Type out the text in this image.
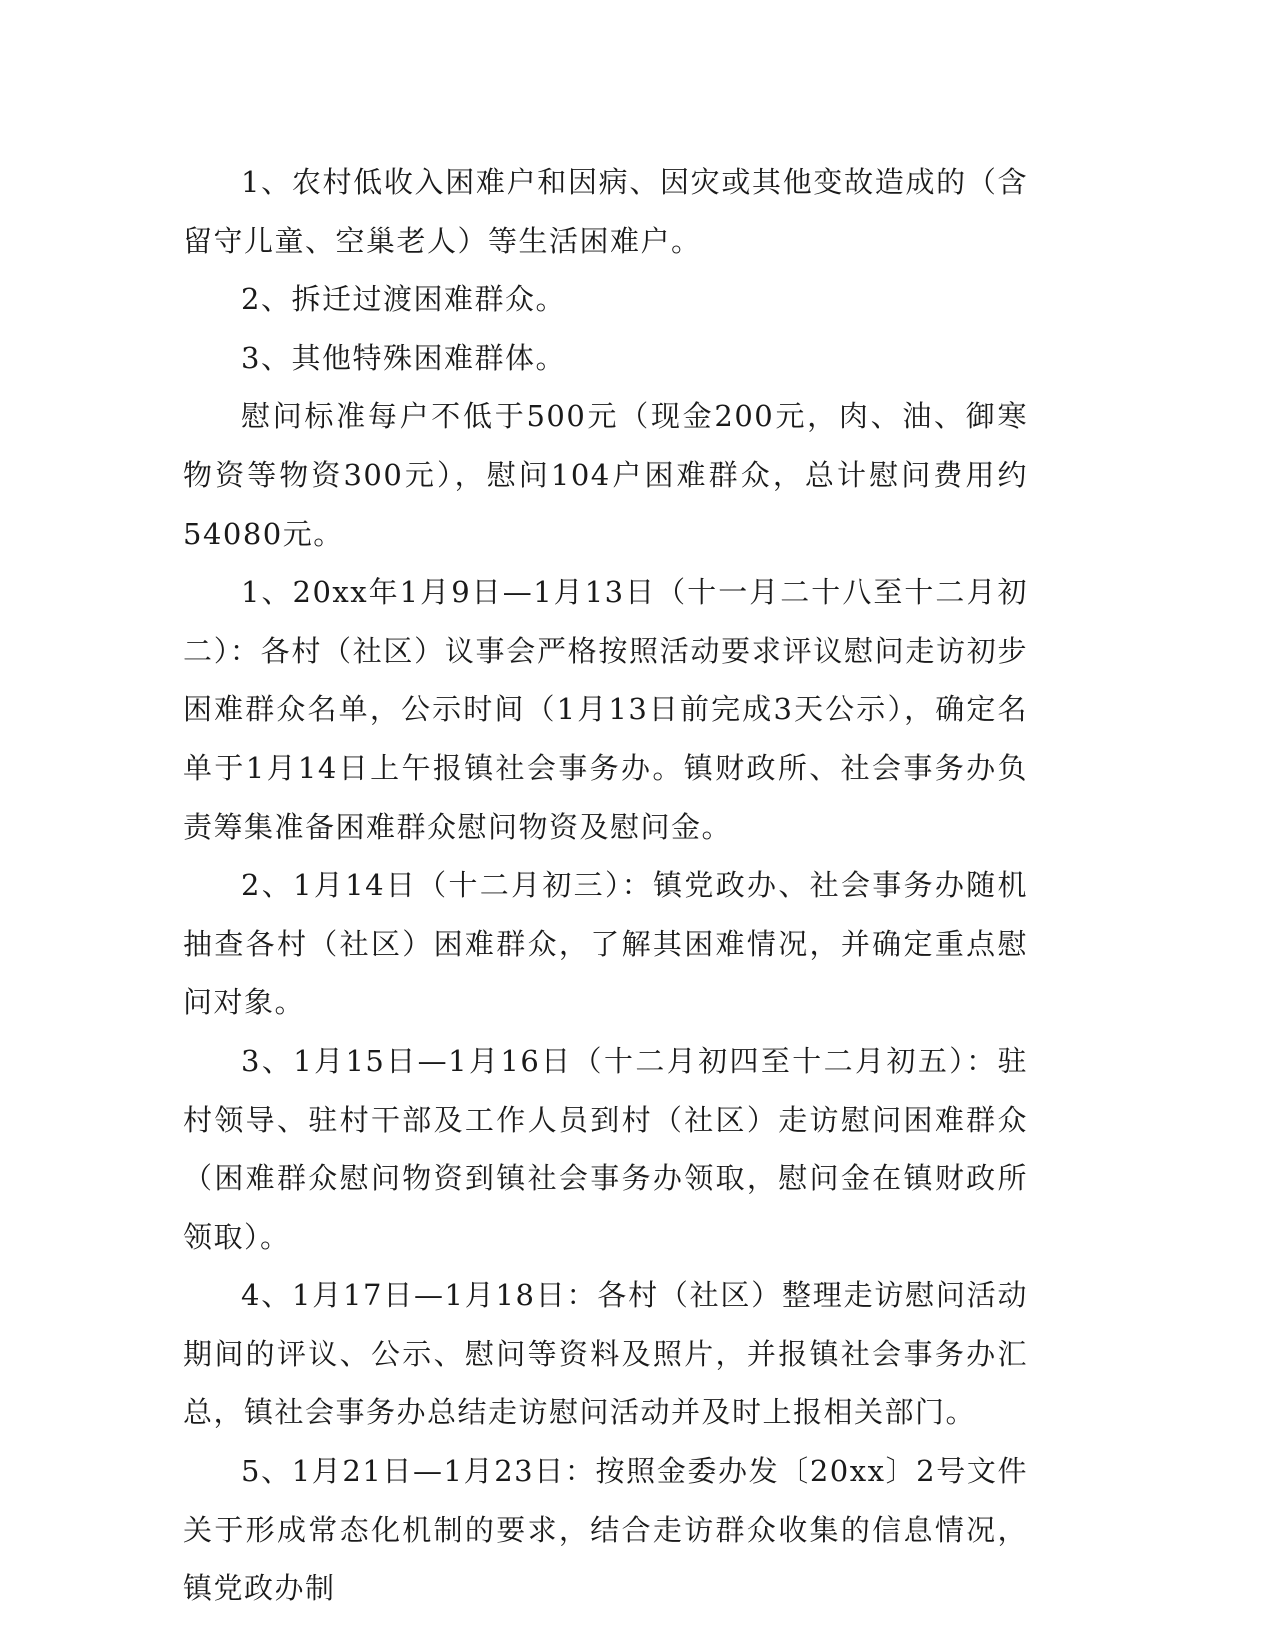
1、农村低收入困难户和因病、因灾或其他变故造成的（含留守儿童、空巢老人）等生活困难户。

2、拆迁过渡困难群众。

3、其他特殊困难群体。

慰问标准每户不低于500元（现金200元，肉、油、御寒物资等物资300元），慰问104户困难群众，总计慰问费用约54080元。

1、20xx年1月9日—1月13日（十一月二十八至十二月初二）：各村（社区）议事会严格按照活动要求评议慰问走访初步困难群众名单，公示时间（1月13日前完成3天公示），确定名单于1月14日上午报镇社会事务办。镇财政所、社会事务办负责筹集准备困难群众慰问物资及慰问金。

2、1月14日（十二月初三）：镇党政办、社会事务办随机抽查各村（社区）困难群众，了解其困难情况，并确定重点慰问对象。

3、1月15日—1月16日（十二月初四至十二月初五）：驻村领导、驻村干部及工作人员到村（社区）走访慰问困难群众（困难群众慰问物资到镇社会事务办领取，慰问金在镇财政所领取）。

4、1月17日—1月18日：各村（社区）整理走访慰问活动期间的评议、公示、慰问等资料及照片，并报镇社会事务办汇总，镇社会事务办总结走访慰问活动并及时上报相关部门。

5、1月21日—1月23日：按照金委办发〔20xx〕2号文件关于形成常态化机制的要求，结合走访群众收集的信息情况，镇党政办制
